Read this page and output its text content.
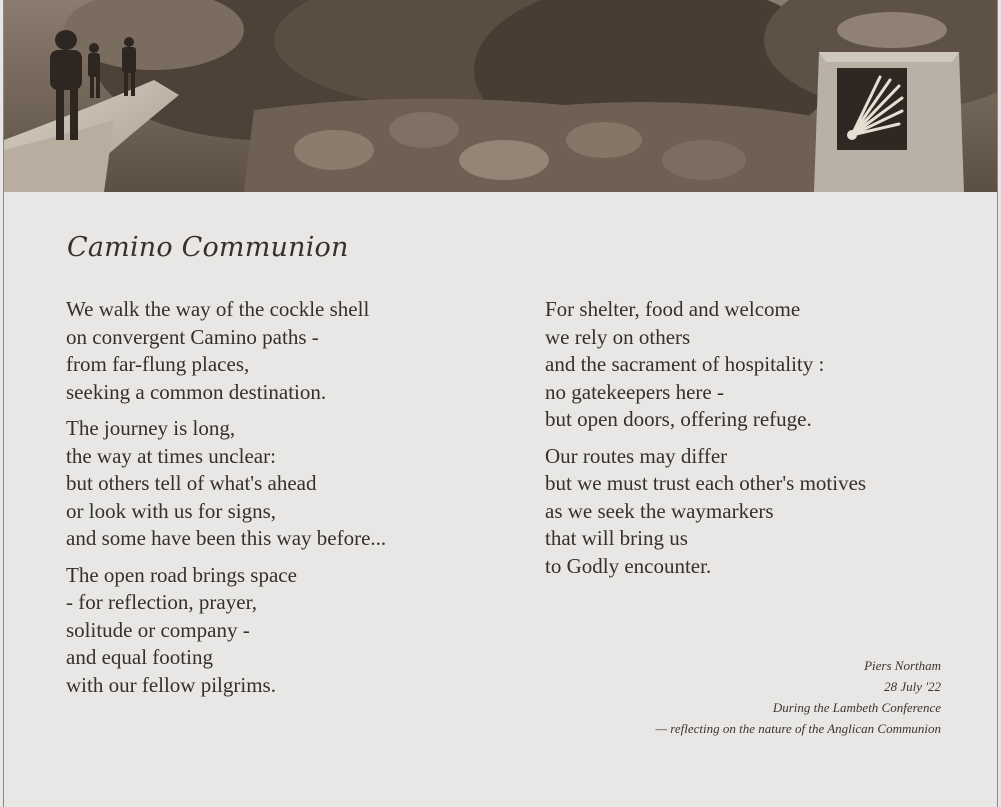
Camino Communion

We walk the way of the cockle shell
on convergent Camino paths -
from far-flung places,
seeking a common destination.

The journey is long,
the way at times unclear:
but others tell of what's ahead
or look with us for signs,
and some have been this way before...

The open road brings space
- for reflection, prayer,
solitude or company -
and equal footing
with our fellow pilgrims.

For shelter, food and welcome
we rely on others
and the sacrament of hospitality :
no gatekeepers here -
but open doors, offering refuge.

Our routes may differ
but we must trust each other's motives
as we seek the waymarkers
that will bring us
to Godly encounter.

Piers Northam
28 July '22
During the Lambeth Conference
— reflecting on the nature of the Anglican Communion
